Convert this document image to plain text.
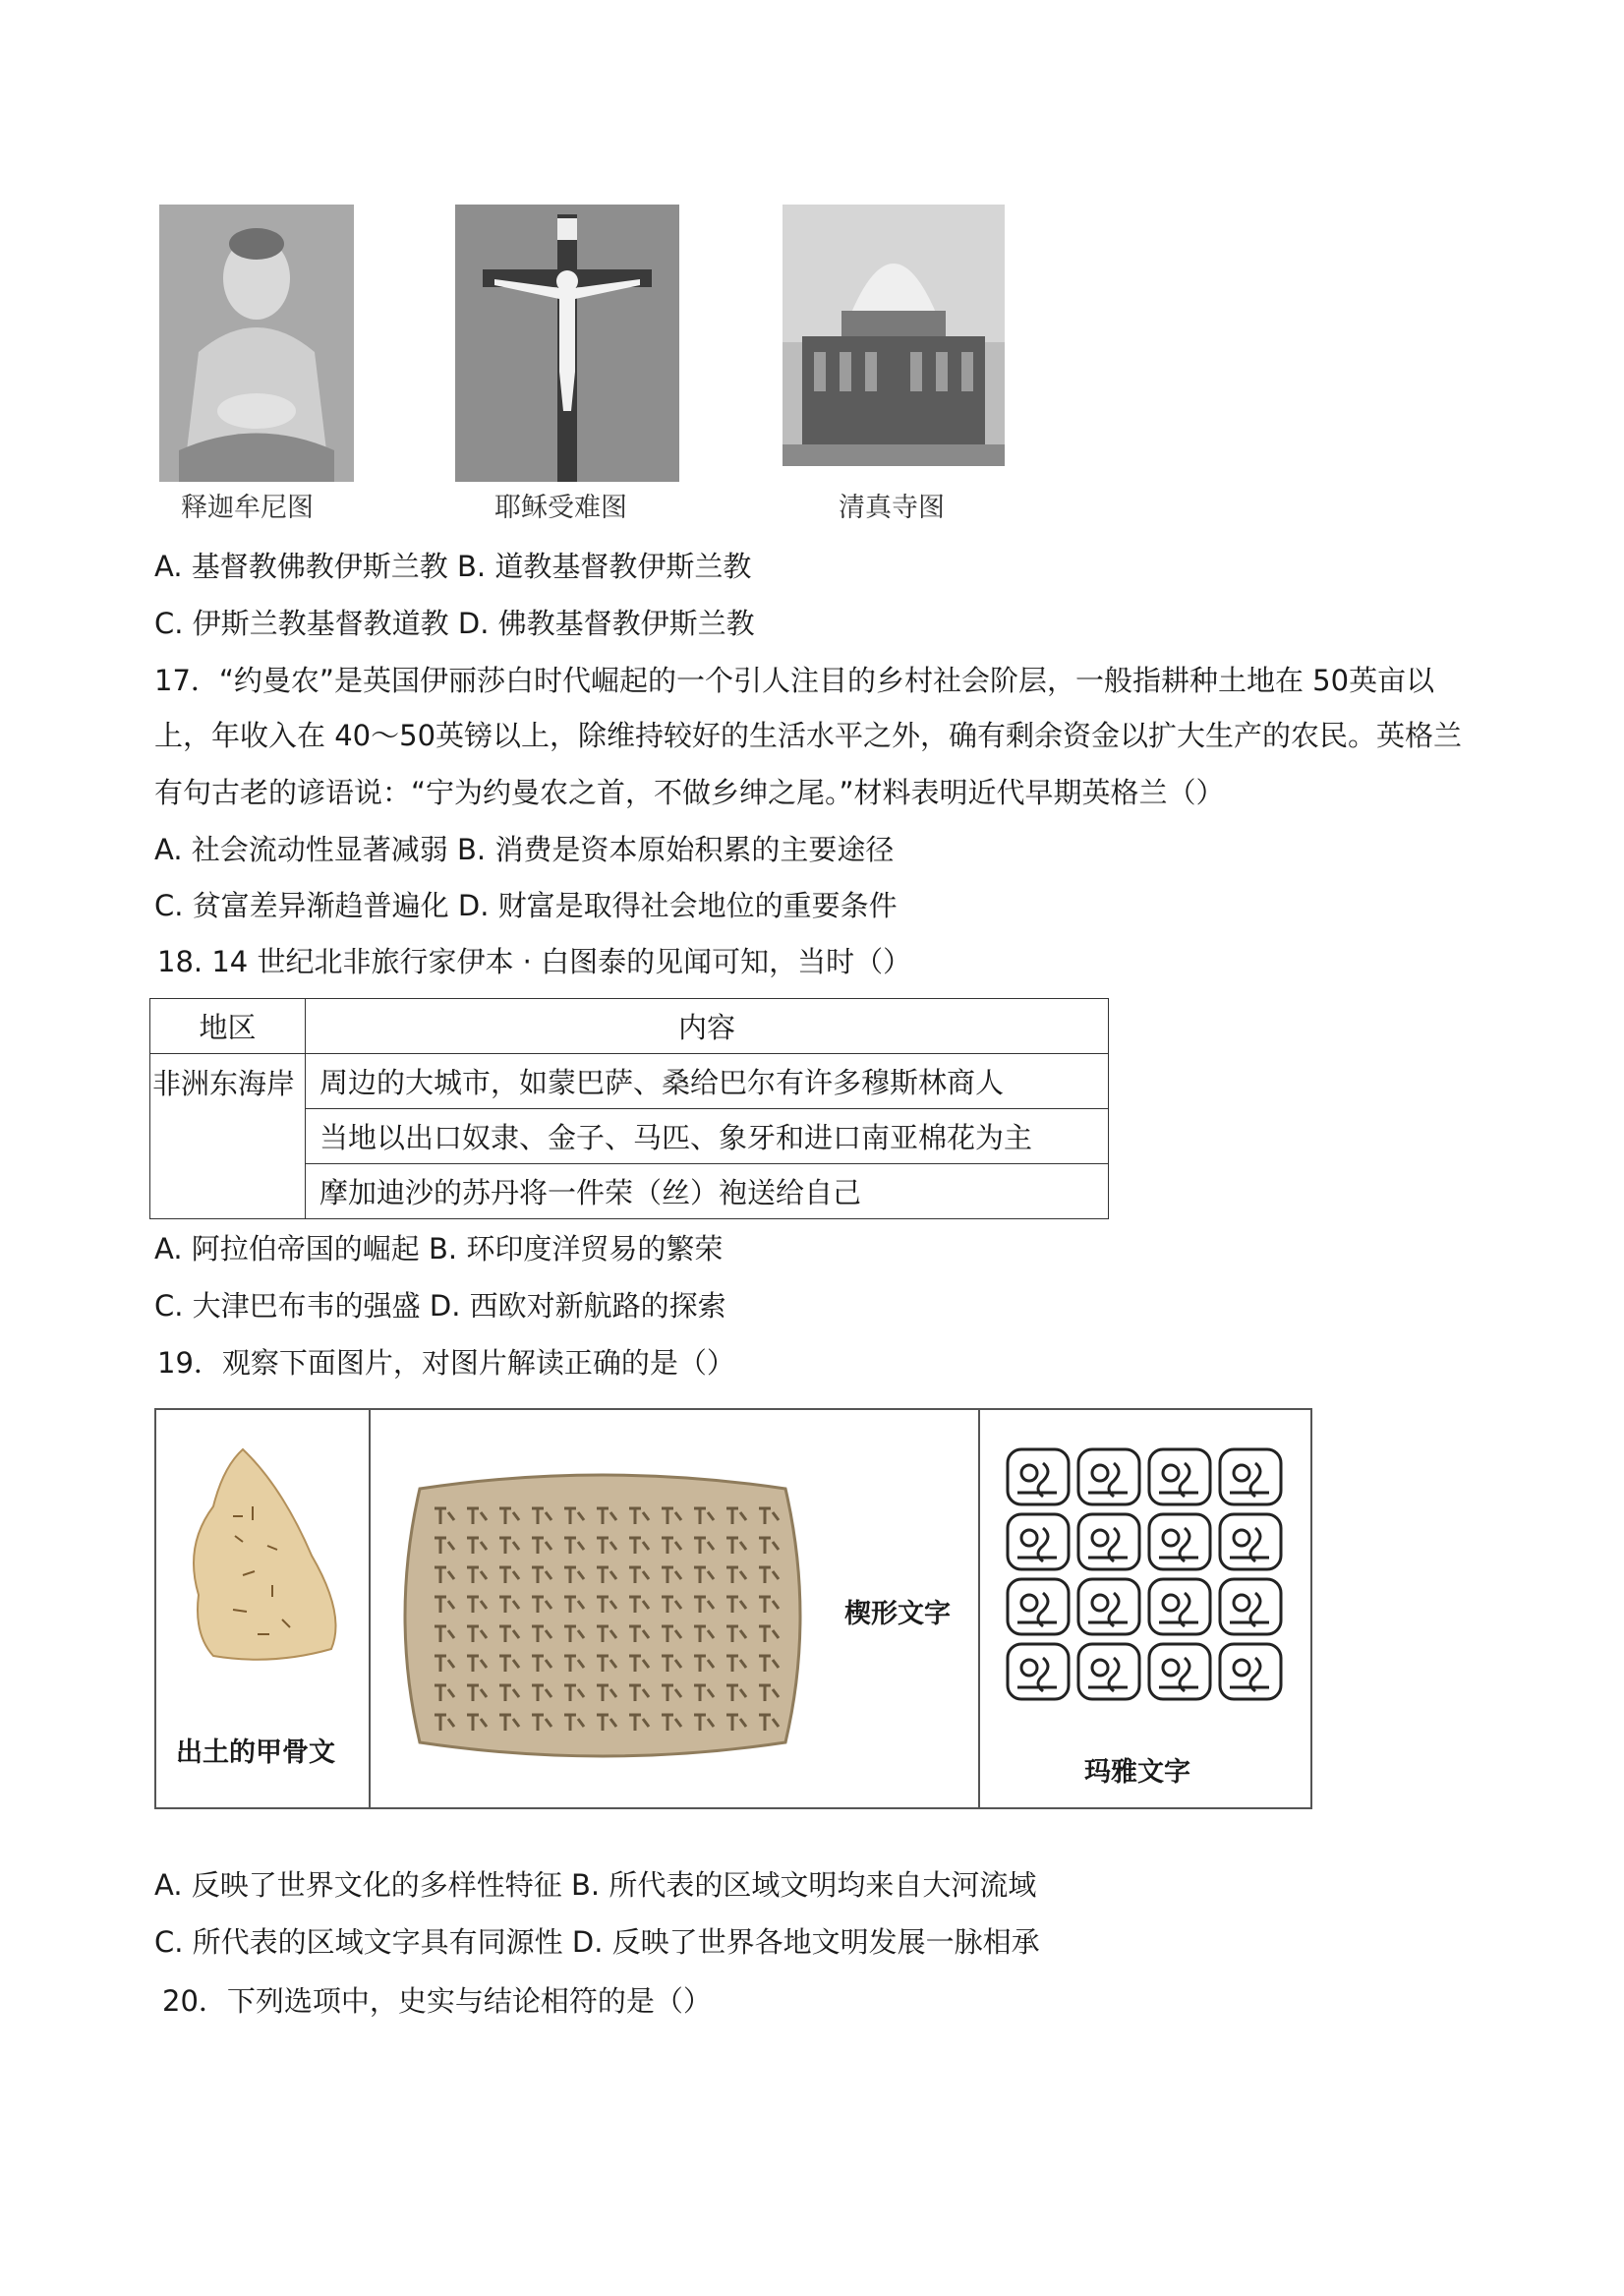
释迦牟尼图	耶稣受难图	清真寺图
A. 基督教佛教伊斯兰教 B. 道教基督教伊斯兰教
C. 伊斯兰教基督教道教 D. 佛教基督教伊斯兰教
17．“约曼农”是英国伊丽莎白时代崛起的一个引人注目的乡村社会阶层，一般指耕种土地在 50英亩以
上，年收入在 40～50英镑以上，除维持较好的生活水平之外，确有剩余资金以扩大生产的农民。英格兰
有句古老的谚语说：“宁为约曼农之首，不做乡绅之尾。”材料表明近代早期英格兰（）
A. 社会流动性显著减弱 B. 消费是资本原始积累的主要途径
C. 贫富差异渐趋普遍化 D. 财富是取得社会地位的重要条件
18. 14 世纪北非旅行家伊本 · 白图泰的见闻可知，当时（）
地区	内容
非洲东海岸	周边的大城市，如蒙巴萨、桑给巴尔有许多穆斯林商人
	当地以出口奴隶、金子、马匹、象牙和进口南亚棉花为主
	摩加迪沙的苏丹将一件荣（丝）袍送给自己
A. 阿拉伯帝国的崛起 B. 环印度洋贸易的繁荣
C. 大津巴布韦的强盛 D. 西欧对新航路的探索
19．观察下面图片，对图片解读正确的是（）
出土的甲骨文
楔形文字
玛雅文字
A. 反映了世界文化的多样性特征 B. 所代表的区域文明均来自大河流域
C. 所代表的区域文字具有同源性 D. 反映了世界各地文明发展一脉相承
20．下列选项中，史实与结论相符的是（）
